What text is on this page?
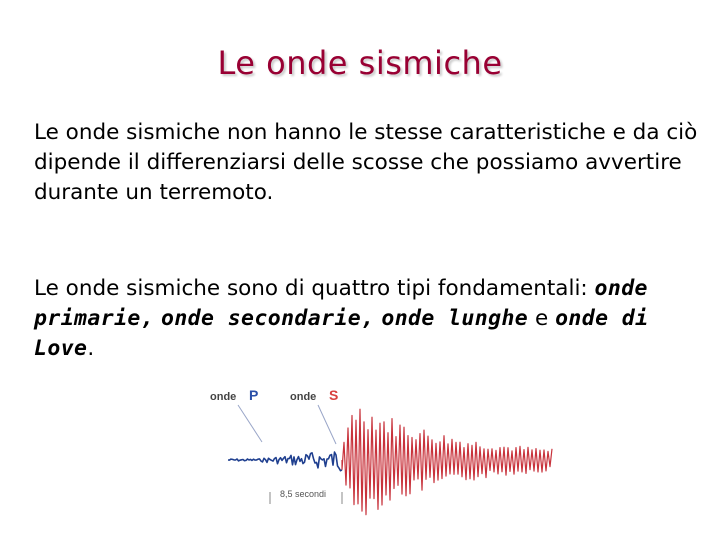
Le onde sismiche

Le onde sismiche non hanno le stesse caratteristiche e da ciò dipende il differenziarsi delle scosse che possiamo avvertire durante un terremoto.

Le onde sismiche sono di quattro tipi fondamentali: onde primarie, onde secondarie, onde lunghe e onde di Love.

onde P	onde S
8,5 secondi
